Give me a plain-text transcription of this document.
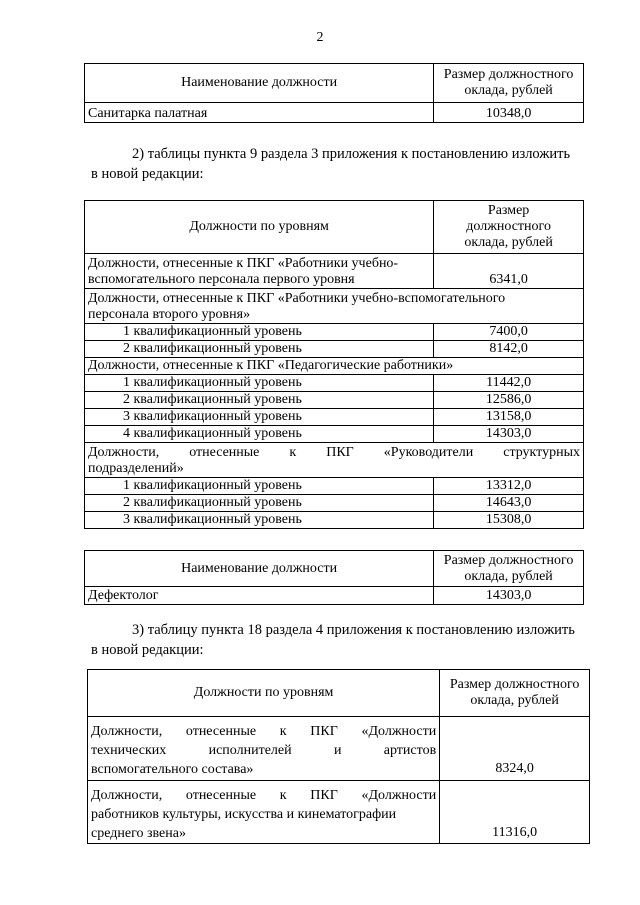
2
Наименование должности	Размер должностного
оклада, рублей

Санитарка палатная	10348,0
2) таблицы пункта 9 раздела 3 приложения к постановлению изложить
в новой редакции:
Должности по уровням	Размер
должностного
оклада, рублей

Должности, отнесенные к ПКГ «Работники учебно-
вспомогательного персонала первого уровня	6341,0

Должности, отнесенные к ПКГ «Работники учебно-вспомогательного
персонала второго уровня»	

1 квалификационный уровень	7400,0
2 квалификационный уровень	8142,0
Должности, отнесенные к ПКГ «Педагогические работники»	
1 квалификационный уровень	11442,0
2 квалификационный уровень	12586,0
3 квалификационный уровень	13158,0
4 квалификационный уровень	14303,0

Должности, отнесенные к ПКГ «Руководители структурных
подразделений»	

1 квалификационный уровень	13312,0
2 квалификационный уровень	14643,0
3 квалификационный уровень	15308,0
Наименование должности	Размер должностного
оклада, рублей

Дефектолог	14303,0
3) таблицу пункта 18 раздела 4 приложения к постановлению изложить
в новой редакции:
Должности по уровням	Размер должностного
оклада, рублей

Должности, отнесенные к ПКГ «Должности
технических исполнителей и артистов
вспомогательного состава»	8324,0

Должности, отнесенные к ПКГ «Должности
работников культуры, искусства и кинематографии
среднего звена»	11316,0
